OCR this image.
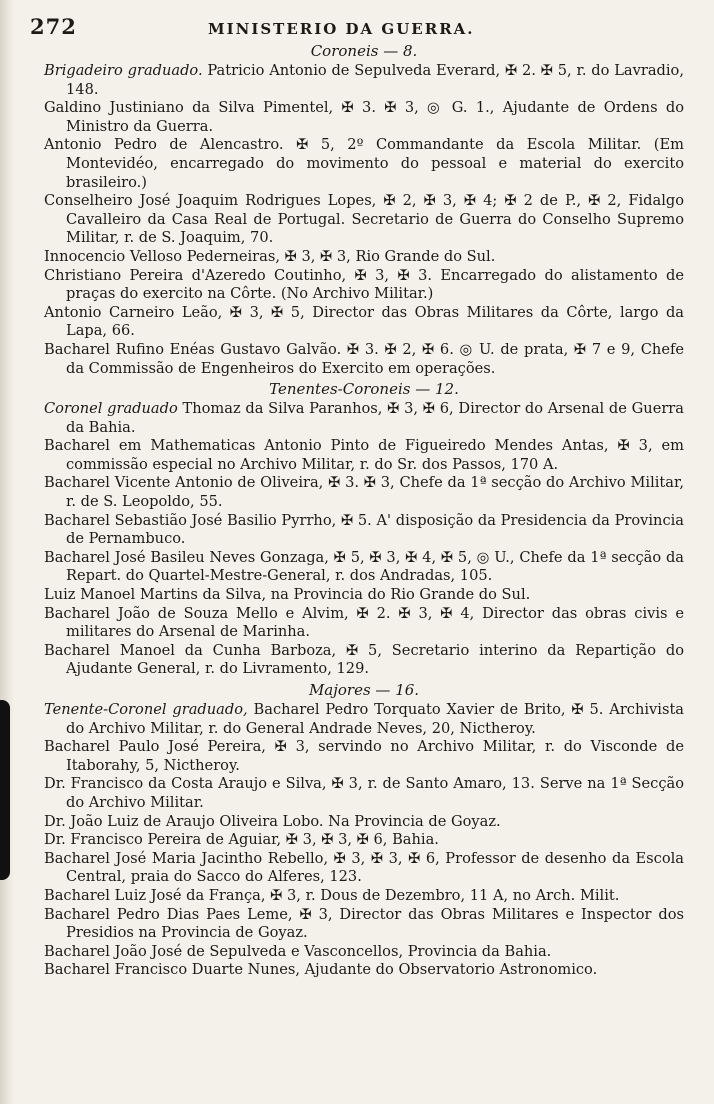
272	MINISTERIO DA GUERRA.
Coroneis — 8.

Brigadeiro graduado. Patricio Antonio de Sepulveda Everard, ✠ 2. ✠ 5, r. do Lavradio, 148.

Galdino Justiniano da Silva Pimentel, ✠ 3. ✠ 3, ◎ G. 1., Ajudante de Ordens do Ministro da Guerra.

Antonio Pedro de Alencastro. ✠ 5, 2º Commandante da Escola Militar. (Em Montevidéo, encarregado do movimento do pessoal e material do exercito brasileiro.)

Conselheiro José Joaquim Rodrigues Lopes, ✠ 2, ✠ 3, ✠ 4; ✠ 2 de P., ✠ 2, Fidalgo Cavalleiro da Casa Real de Portugal. Secretario de Guerra do Conselho Supremo Militar, r. de S. Joaquim, 70.

Innocencio Velloso Pederneiras, ✠ 3, ✠ 3, Rio Grande do Sul.

Christiano Pereira d'Azeredo Coutinho, ✠ 3, ✠ 3. Encarregado do alistamento de praças do exercito na Côrte. (No Archivo Militar.)

Antonio Carneiro Leão, ✠ 3, ✠ 5, Director das Obras Militares da Côrte, largo da Lapa, 66.

Bacharel Rufino Enéas Gustavo Galvão. ✠ 3. ✠ 2, ✠ 6. ◎ U. de prata, ✠ 7 e 9, Chefe da Commissão de Engenheiros do Exercito em operações.

Tenentes-Coroneis — 12.

Coronel graduado Thomaz da Silva Paranhos, ✠ 3, ✠ 6, Director do Arsenal de Guerra da Bahia.

Bacharel em Mathematicas Antonio Pinto de Figueiredo Mendes Antas, ✠ 3, em commissão especial no Archivo Militar, r. do Sr. dos Passos, 170 A.

Bacharel Vicente Antonio de Oliveira, ✠ 3. ✠ 3, Chefe da 1ª secção do Archivo Militar, r. de S. Leopoldo, 55.

Bacharel Sebastião José Basilio Pyrrho, ✠ 5. A' disposição da Presidencia da Provincia de Pernambuco.

Bacharel José Basileu Neves Gonzaga, ✠ 5, ✠ 3, ✠ 4, ✠ 5, ◎ U., Chefe da 1ª secção da Repart. do Quartel-Mestre-General, r. dos Andradas, 105.

Luiz Manoel Martins da Silva, na Provincia do Rio Grande do Sul.

Bacharel João de Souza Mello e Alvim, ✠ 2. ✠ 3, ✠ 4, Director das obras civis e militares do Arsenal de Marinha.

Bacharel Manoel da Cunha Barboza, ✠ 5, Secretario interino da Repartição do Ajudante General, r. do Livramento, 129.

Majores — 16.

Tenente-Coronel graduado, Bacharel Pedro Torquato Xavier de Brito, ✠ 5. Archivista do Archivo Militar, r. do General Andrade Neves, 20, Nictheroy.

Bacharel Paulo José Pereira, ✠ 3, servindo no Archivo Militar, r. do Visconde de Itaborahy, 5, Nictheroy.

Dr. Francisco da Costa Araujo e Silva, ✠ 3, r. de Santo Amaro, 13. Serve na 1ª Secção do Archivo Militar.

Dr. João Luiz de Araujo Oliveira Lobo. Na Provincia de Goyaz.

Dr. Francisco Pereira de Aguiar, ✠ 3, ✠ 3, ✠ 6, Bahia.

Bacharel José Maria Jacintho Rebello, ✠ 3, ✠ 3, ✠ 6, Professor de desenho da Escola Central, praia do Sacco do Alferes, 123.

Bacharel Luiz José da França, ✠ 3, r. Dous de Dezembro, 11 A, no Arch. Milit.

Bacharel Pedro Dias Paes Leme, ✠ 3, Director das Obras Militares e Inspector dos Presidios na Provincia de Goyaz.

Bacharel João José de Sepulveda e Vasconcellos, Provincia da Bahia.

Bacharel Francisco Duarte Nunes, Ajudante do Observatorio Astronomico.
